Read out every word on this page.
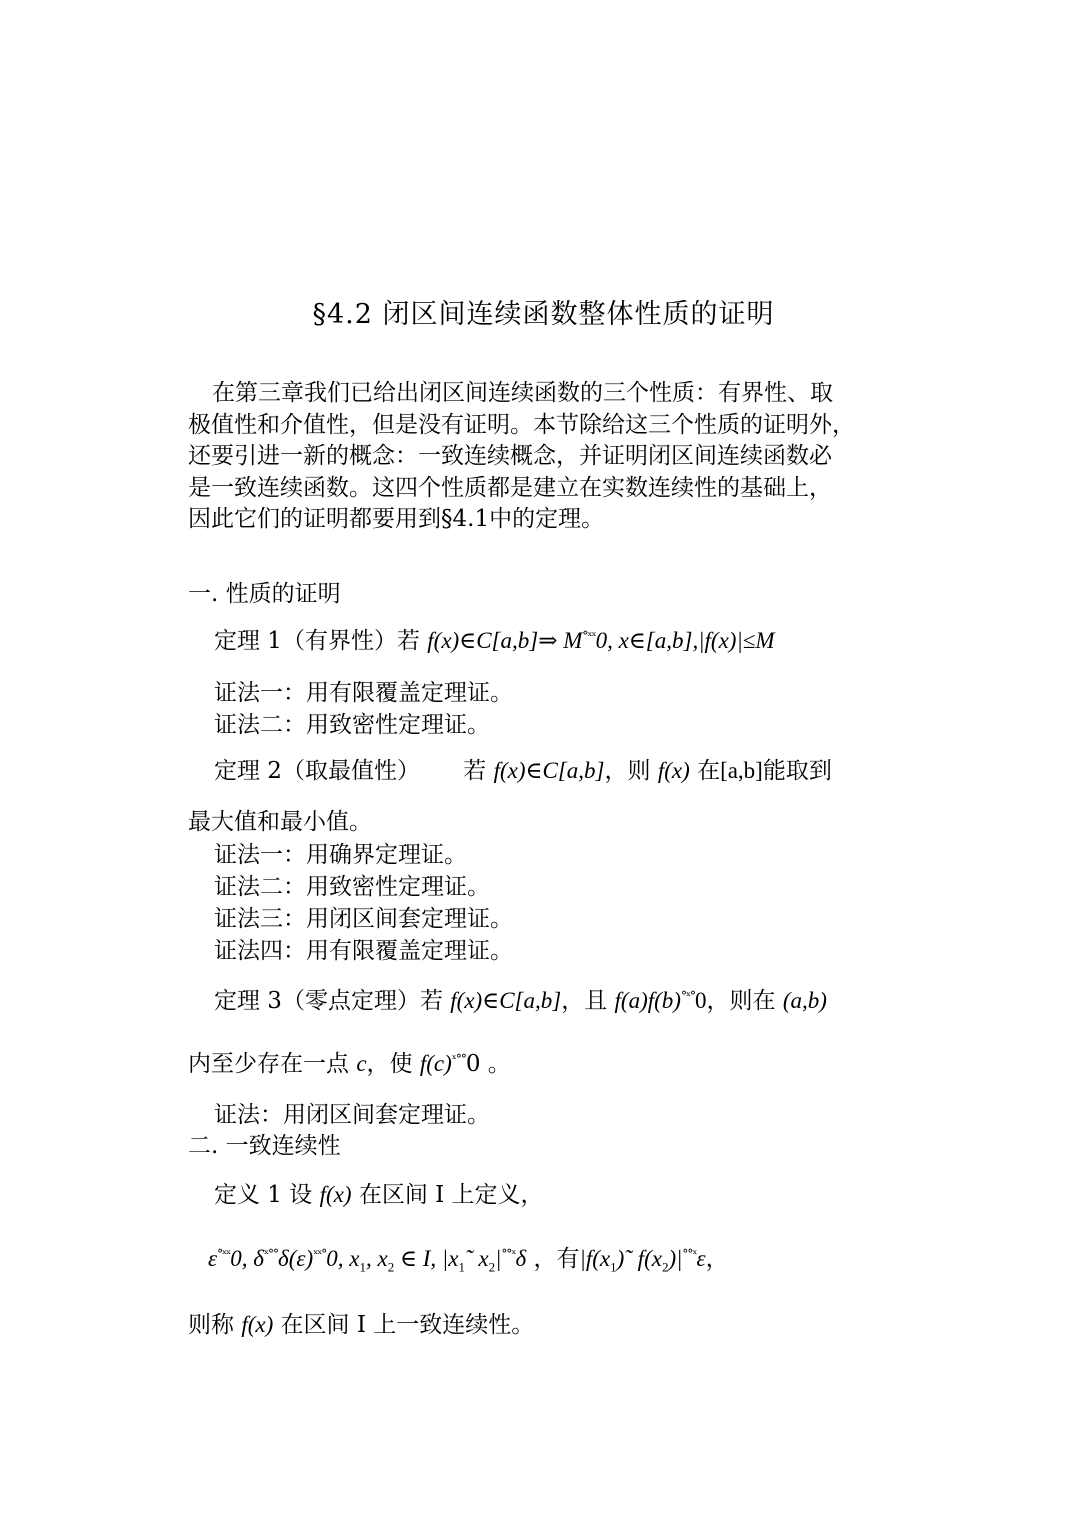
§4.2 闭区间连续函数整体性质的证明

在第三章我们已给出闭区间连续函数的三个性质：有界性、取

极值性和介值性，但是没有证明。本节除给这三个性质的证明外，

还要引进一新的概念：一致连续概念，并证明闭区间连续函数必

是一致连续函数。这四个性质都是建立在实数连续性的基础上，

因此它们的证明都要用到§4.1中的定理。

一. 性质的证明
定理 1（有界性）若 f(x)∈C[a,b]⇒ $M^{^\circ ˣˣ}0$, x∈[a,b],|f(x)|≤M
证法一：用有限覆盖定理证。
证法二：用致密性定理证。
定理 2（取最值性） 若 f(x)∈C[a,b]，则 f(x) 在[a,b]能取到
最大值和最小值。
证法一：用确界定理证。
证法二：用致密性定理证。
证法三：用闭区间套定理证。
证法四：用有限覆盖定理证。
定理 3（零点定理）若 f(x)∈C[a,b]，且 $f(a)f(b)^{^\circ ˣ^\circ}0$，则在 (a,b)
内至少存在一点 c，使 $f(c)^{ˣ^\circ^\circ}0$ 。
证法：用闭区间套定理证。
二. 一致连续性
定义 1 设 f(x) 在区间 I 上定义，
$\varepsilon^{^\circ ˣˣ}0$, $\delta^{ˣ^\circ^\circ}\delta(\varepsilon)^{ˣˣ^\circ}0$, $x_1$, $x_2$ ∈ I, $|x_1˜$ $x_2|^{^\circ^\circ ˣ}\delta$ ，有$|f(x_1)˜$ $f(x_2)|^{^\circ^\circ ˣ}\varepsilon$，
则称 f(x) 在区间 I 上一致连续性。
